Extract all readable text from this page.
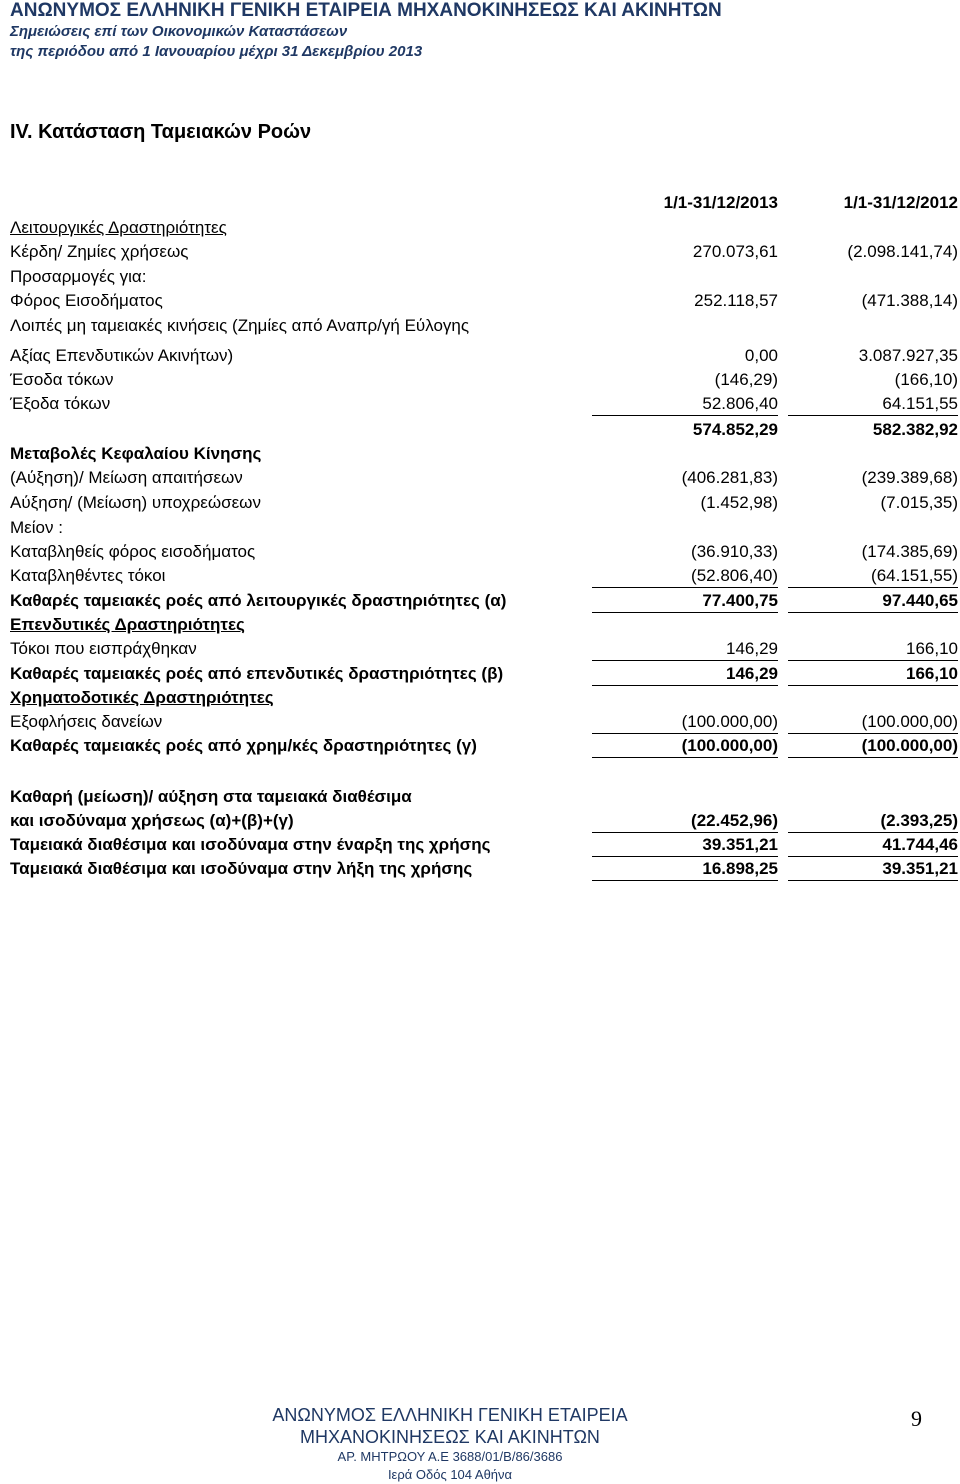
ΑΝΩΝΥΜΟΣ ΕΛΛΗΝΙΚΗ ΓΕΝΙΚΗ ΕΤΑΙΡΕΙΑ ΜΗΧΑΝΟΚΙΝΗΣΕΩΣ ΚΑΙ ΑΚΙΝΗΤΩΝ
Σημειώσεις επί των Οικονομικών Καταστάσεων
της περιόδου από 1 Ιανουαρίου μέχρι 31 Δεκεμβρίου 2013
IV. Κατάσταση Ταμειακών Ροών
1/1-31/12/2013	1/1-31/12/2012
Λειτουργικές Δραστηριότητες
Κέρδη/ Ζημίες χρήσεως	270.073,61	(2.098.141,74)
Προσαρμογές για:
Φόρος Εισοδήματος	252.118,57	(471.388,14)
Λοιπές μη ταμειακές κινήσεις (Ζημίες από Αναπρ/γή Εύλογης
Αξίας Επενδυτικών Ακινήτων)	0,00	3.087.927,35
Έσοδα τόκων	(146,29)	(166,10)
Έξοδα τόκων	52.806,40	64.151,55
574.852,29	582.382,92
Μεταβολές Κεφαλαίου Κίνησης
(Αύξηση)/ Μείωση απαιτήσεων	(406.281,83)	(239.389,68)
Αύξηση/ (Μείωση) υποχρεώσεων	(1.452,98)	(7.015,35)
Μείον :
Καταβληθείς φόρος εισοδήματος	(36.910,33)	(174.385,69)
Καταβληθέντες τόκοι	(52.806,40)	(64.151,55)
Καθαρές ταμειακές ροές από λειτουργικές δραστηριότητες (α)	77.400,75	97.440,65
Επενδυτικές Δραστηριότητες
Τόκοι που εισπράχθηκαν	146,29	166,10
Καθαρές ταμειακές ροές από επενδυτικές δραστηριότητες (β)	146,29	166,10
Χρηματοδοτικές Δραστηριότητες
Εξοφλήσεις δανείων	(100.000,00)	(100.000,00)
Καθαρές ταμειακές ροές από χρημ/κές δραστηριότητες (γ)	(100.000,00)	(100.000,00)
Καθαρή (μείωση)/ αύξηση στα ταμειακά διαθέσιμα
και ισοδύναμα χρήσεως (α)+(β)+(γ)	(22.452,96)	(2.393,25)
Ταμειακά διαθέσιμα και ισοδύναμα στην έναρξη της χρήσης	39.351,21	41.744,46
Ταμειακά διαθέσιμα και ισοδύναμα στην λήξη της χρήσης	16.898,25	39.351,21
ΑΝΩΝΥΜΟΣ ΕΛΛΗΝΙΚΗ ΓΕΝΙΚΗ ΕΤΑΙΡΕΙΑ
ΜΗΧΑΝΟΚΙΝΗΣΕΩΣ ΚΑΙ ΑΚΙΝΗΤΩΝ
ΑΡ. ΜΗΤΡΩΟΥ Α.Ε 3688/01/Β/86/3686
Ιερά Οδός 104 Αθήνα
9
